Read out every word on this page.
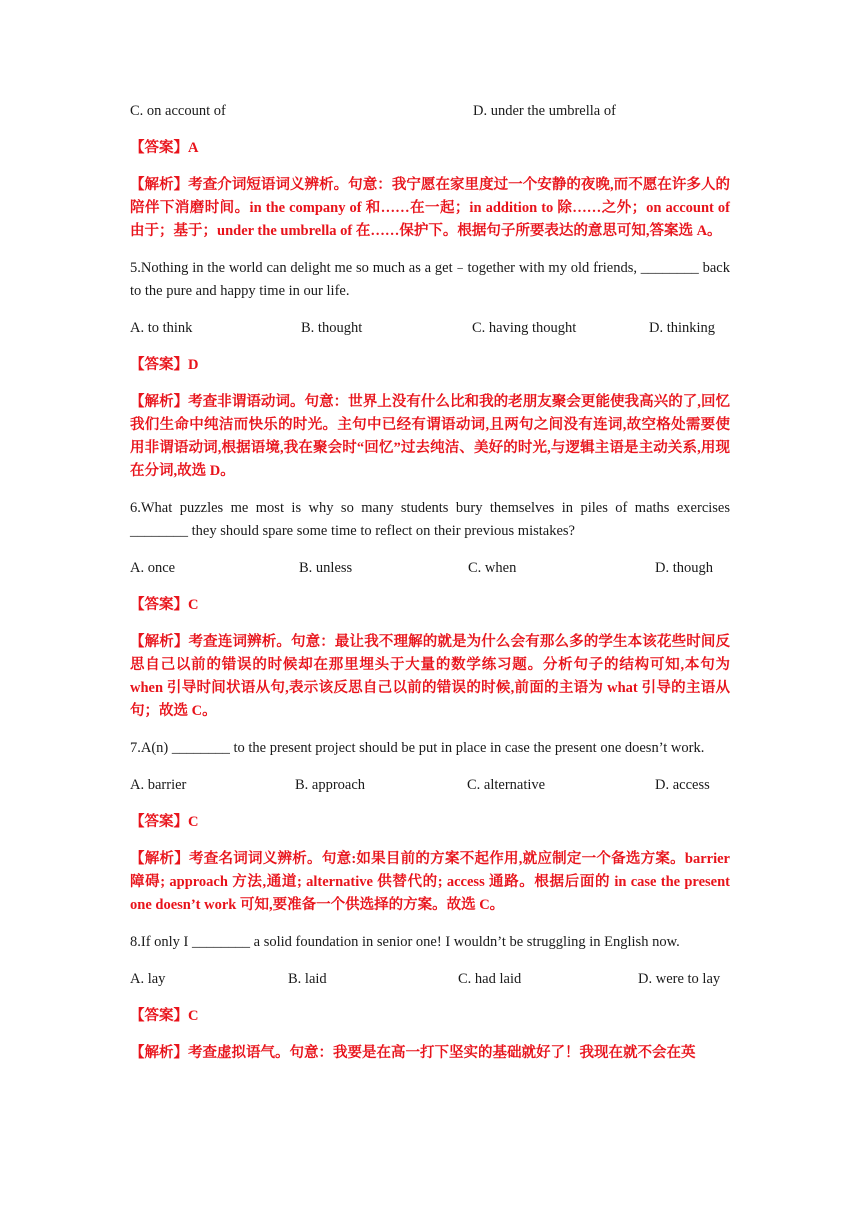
C. on account of	D. under the umbrella of
【答案】A
【解析】考查介词短语词义辨析。句意：我宁愿在家里度过一个安静的夜晚,而不愿在许多人的陪伴下消磨时间。in the company of 和……在一起；in addition to 除……之外；on account of 由于；基于；under the umbrella of 在……保护下。根据句子所要表达的意思可知,答案选 A。
5.Nothing in the world can delight me so much as a get﹣together with my old friends, ________ back to the pure and happy time in our life.
A. to think	B. thought	C. having thought	D. thinking
【答案】D
【解析】考查非谓语动词。句意：世界上没有什么比和我的老朋友聚会更能使我高兴的了,回忆我们生命中纯洁而快乐的时光。主句中已经有谓语动词,且两句之间没有连词,故空格处需要使用非谓语动词,根据语境,我在聚会时“回忆”过去纯洁、美好的时光,与逻辑主语是主动关系,用现在分词,故选 D。
6.What puzzles me most is why so many students bury themselves in piles of maths exercises ________ they should spare some time to reflect on their previous mistakes?
A. once	B. unless	C. when	D. though
【答案】C
【解析】考查连词辨析。句意：最让我不理解的就是为什么会有那么多的学生本该花些时间反思自己以前的错误的时候却在那里埋头于大量的数学练习题。分析句子的结构可知,本句为 when 引导时间状语从句,表示该反思自己以前的错误的时候,前面的主语为 what 引导的主语从句；故选 C。
7.A(n) ________ to the present project should be put in place in case the present one doesn’t work.
A. barrier	B. approach	C. alternative	D. access
【答案】C
【解析】考查名词词义辨析。句意:如果目前的方案不起作用,就应制定一个备选方案。barrier 障碍; approach 方法,通道; alternative 供替代的; access 通路。根据后面的 in case the present one doesn’t work 可知,要准备一个供选择的方案。故选 C。
8.If only I ________ a solid foundation in senior one! I wouldn’t be struggling in English now.
A. lay	B. laid	C. had laid	D. were to lay
【答案】C
【解析】考查虚拟语气。句意：我要是在高一打下坚实的基础就好了！我现在就不会在英
